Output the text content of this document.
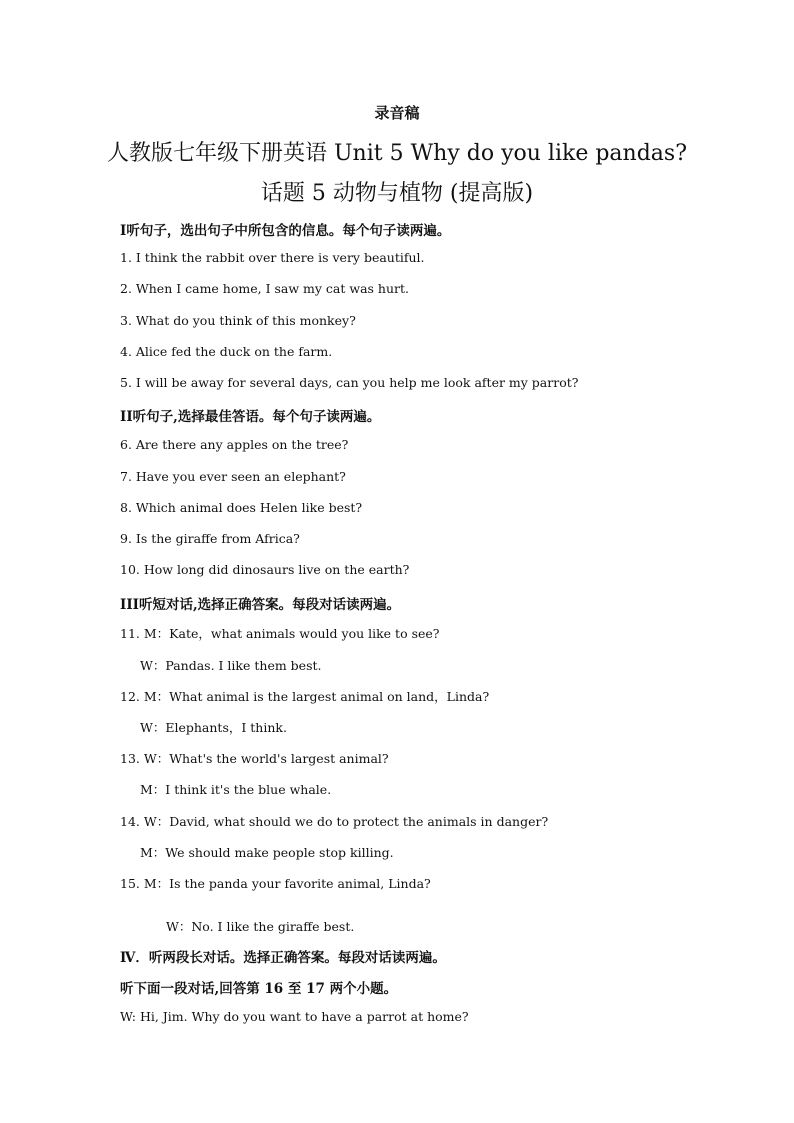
录音稿
人教版七年级下册英语 Unit 5 Why do you like pandas?
话题 5 动物与植物 (提高版)
I听句子，选出句子中所包含的信息。每个句子读两遍。
1. I think the rabbit over there is very beautiful.
2. When I came home, I saw my cat was hurt.
3. What do you think of this monkey?
4. Alice fed the duck on the farm.
5. I will be away for several days, can you help me look after my parrot?
II听句子,选择最佳答语。每个句子读两遍。
6. Are there any apples on the tree?
7. Have you ever seen an elephant?
8. Which animal does Helen like best?
9. Is the giraffe from Africa?
10. How long did dinosaurs live on the earth?
III听短对话,选择正确答案。每段对话读两遍。
11. M：Kate，what animals would you like to see?
W：Pandas. I like them best.
12. M：What animal is the largest animal on land，Linda?
W：Elephants，I think.
13. W：What's the world's largest animal?
M：I think it's the blue whale.
14. W：David, what should we do to protect the animals in danger?
M：We should make people stop killing.
15. M：Is the panda your favorite animal, Linda?
W：No. I like the giraffe best.
Ⅳ．听两段长对话。选择正确答案。每段对话读两遍。
听下面一段对话,回答第 16 至 17 两个小题。
W: Hi, Jim. Why do you want to have a parrot at home?
